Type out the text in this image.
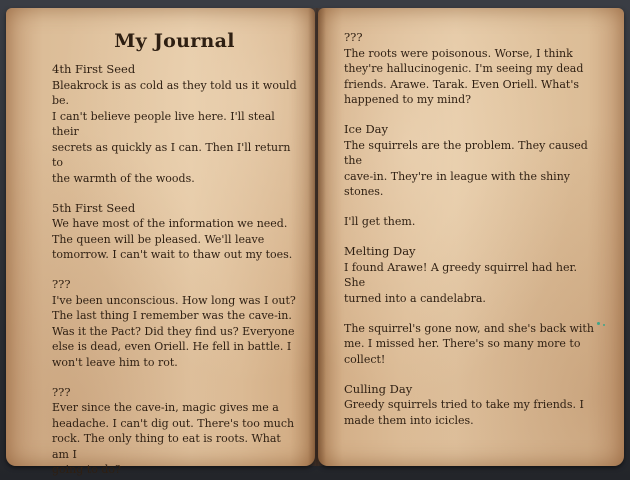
My Journal

4th First Seed

Bleakrock is as cold as they told us it would be.
I can't believe people live here. I'll steal their
secrets as quickly as I can. Then I'll return to
the warmth of the woods.

5th First Seed

We have most of the information we need.
The queen will be pleased. We'll leave
tomorrow. I can't wait to thaw out my toes.

???

I've been unconscious. How long was I out?
The last thing I remember was the cave-in.
Was it the Pact? Did they find us? Everyone
else is dead, even Oriell. He fell in battle. I
won't leave him to rot.

???

Ever since the cave-in, magic gives me a
headache. I can't dig out. There's too much
rock. The only thing to eat is roots. What am I
going to do?

???

The roots were poisonous. Worse, I think
they're hallucinogenic. I'm seeing my dead
friends. Arawe. Tarak. Even Oriell. What's
happened to my mind?

Ice Day

The squirrels are the problem. They caused the
cave-in. They're in league with the shiny
stones.

I'll get them.

Melting Day

I found Arawe! A greedy squirrel had her. She
turned into a candelabra.

The squirrel's gone now, and she's back with
me. I missed her. There's so many more to
collect!

Culling Day

Greedy squirrels tried to take my friends. I
made them into icicles.
